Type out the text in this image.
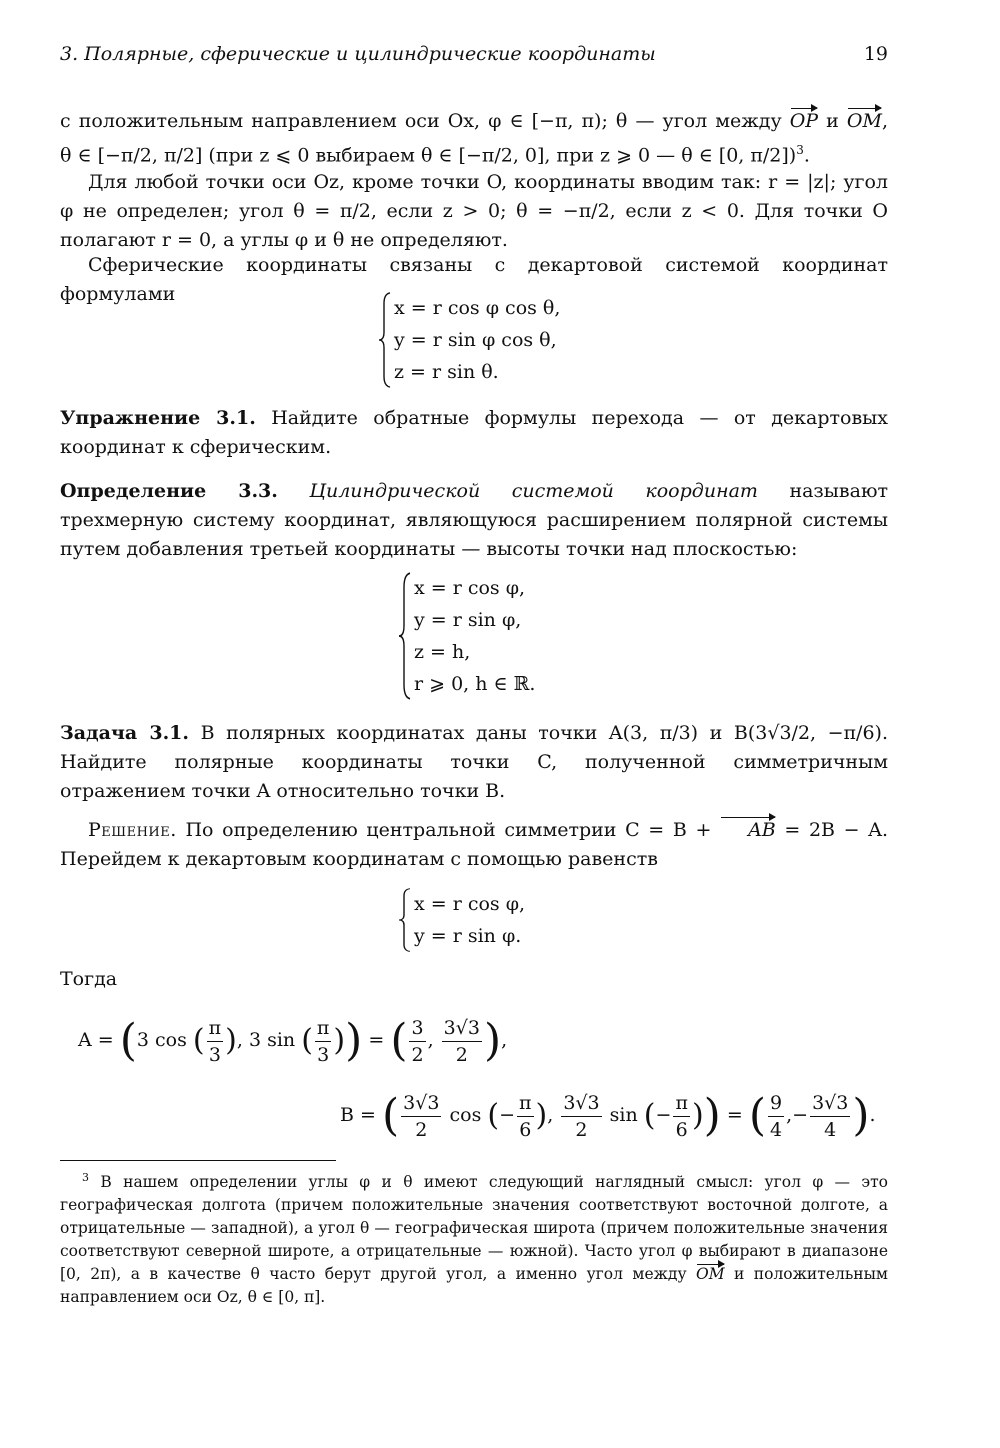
3. Полярные, сферические и цилиндрические координаты	19
с положительным направлением оси Ox, φ ∈ [−π, π); θ — угол между OP и OM,
θ ∈ [−π/2, π/2] (при z ⩽ 0 выбираем θ ∈ [−π/2, 0], при z ⩾ 0 — θ ∈ [0, π/2])$^3$.
Для любой точки оси Oz, кроме точки O, координаты вводим так: r = |z|; угол φ не определен; угол θ = π/2, если z > 0; θ = −π/2, если z < 0. Для точки O полагают r = 0, а углы φ и θ не определяют.
Сферические координаты связаны с декартовой системой координат формулами
x = r cos φ cos θ,
y = r sin φ cos θ,
z = r sin θ.
Упражнение 3.1. Найдите обратные формулы перехода — от декартовых координат к сферическим.
Определение 3.3. Цилиндрической системой координат называют трехмерную систему координат, являющуюся расширением полярной системы путем добавления третьей координаты — высоты точки над плоскостью:
x = r cos φ,
y = r sin φ,
z = h,
r ⩾ 0, h ∈ ℝ.
Задача 3.1. В полярных координатах даны точки A(3, π/3) и B(3√3/2, −π/6). Найдите полярные координаты точки C, полученной симметричным отражением точки A относительно точки B.
Решение. По определению центральной симметрии C = B + AB = 2B − A. Перейдем к декартовым координатам с помощью равенств
x = r cos φ,
y = r sin φ.
Тогда
A = (3 cos ( $\frac{\pi}{3}$ ), 3 sin ( $\frac{\pi}{3}$ )) = ( $\frac{3}{2}$ , $\frac{3√3}{2}$ ),
B = ( $\frac{3√3}{2}$ cos (− $\frac{\pi}{6}$ ), $\frac{3√3}{2}$ sin (− $\frac{\pi}{6}$ )) = ( $\frac{9}{4}$ ,− $\frac{3√3}{4}$ ).
$^3$ В нашем определении углы φ и θ имеют следующий наглядный смысл: угол φ — это географическая долгота (причем положительные значения соответствуют восточной долготе, а отрицательные — западной), а угол θ — географическая широта (причем положительные значения соответствуют северной широте, а отрицательные — южной). Часто угол φ выбирают в диапазоне [0, 2π), а в качестве θ часто берут другой угол, а именно угол между OM и положительным направлением оси Oz, θ ∈ [0, π].
